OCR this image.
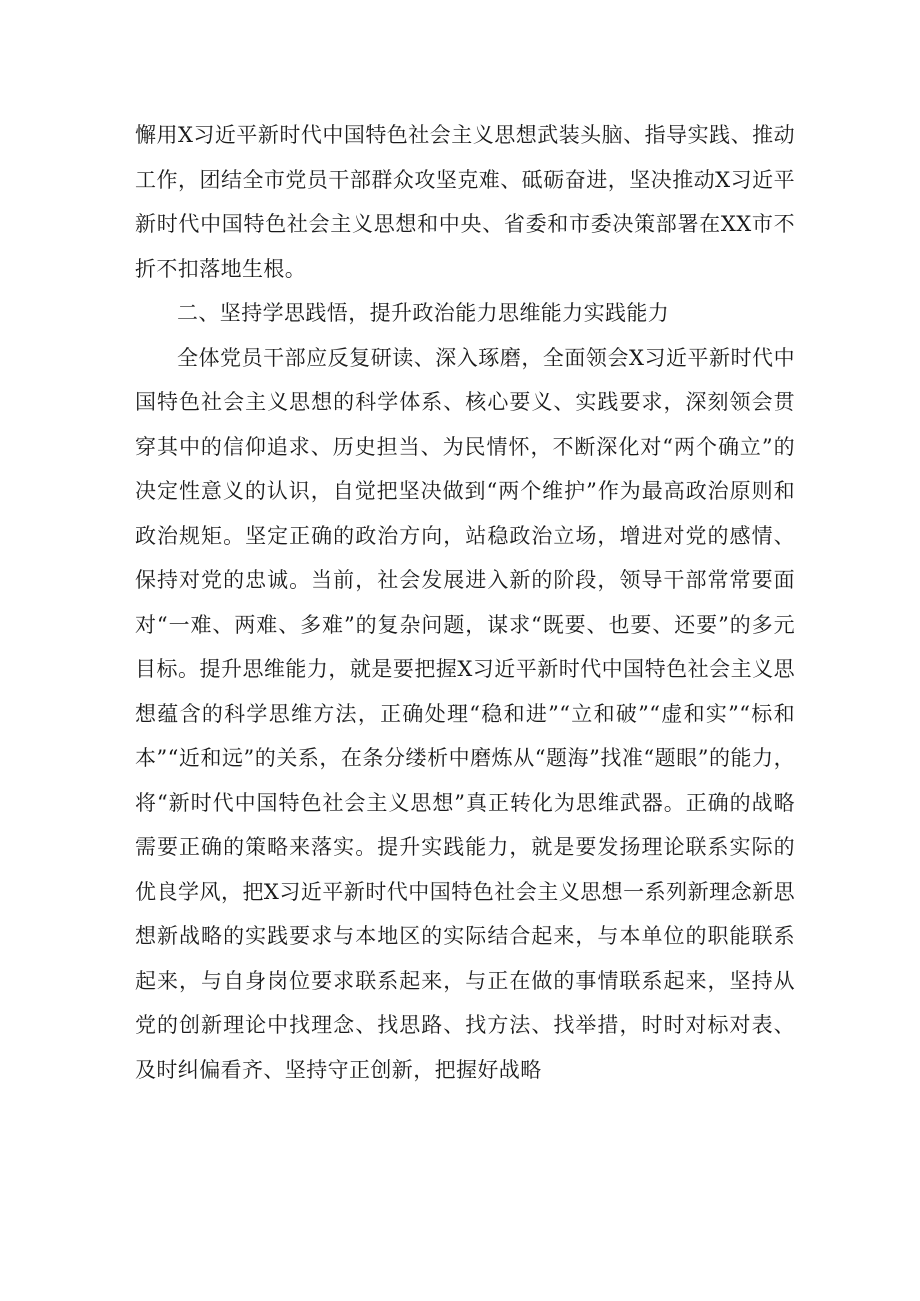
懈用X习近平新时代中国特色社会主义思想武装头脑、指导实践、推动工作，团结全市党员干部群众攻坚克难、砥砺奋进，坚决推动X习近平新时代中国特色社会主义思想和中央、省委和市委决策部署在XX市不折不扣落地生根。

二、坚持学思践悟，提升政治能力思维能力实践能力

全体党员干部应反复研读、深入琢磨，全面领会X习近平新时代中国特色社会主义思想的科学体系、核心要义、实践要求，深刻领会贯穿其中的信仰追求、历史担当、为民情怀，不断深化对“两个确立”的决定性意义的认识，自觉把坚决做到“两个维护”作为最高政治原则和政治规矩。坚定正确的政治方向，站稳政治立场，增进对党的感情、保持对党的忠诚。当前，社会发展进入新的阶段，领导干部常常要面对“一难、两难、多难”的复杂问题，谋求“既要、也要、还要”的多元目标。提升思维能力，就是要把握X习近平新时代中国特色社会主义思想蕴含的科学思维方法，正确处理“稳和进”“立和破”“虚和实”“标和本”“近和远”的关系，在条分缕析中磨炼从“题海”找准“题眼”的能力，将“新时代中国特色社会主义思想”真正转化为思维武器。正确的战略需要正确的策略来落实。提升实践能力，就是要发扬理论联系实际的优良学风，把X习近平新时代中国特色社会主义思想一系列新理念新思想新战略的实践要求与本地区的实际结合起来，与本单位的职能联系起来，与自身岗位要求联系起来，与正在做的事情联系起来，坚持从党的创新理论中找理念、找思路、找方法、找举措，时时对标对表、及时纠偏看齐、坚持守正创新，把握好战略
